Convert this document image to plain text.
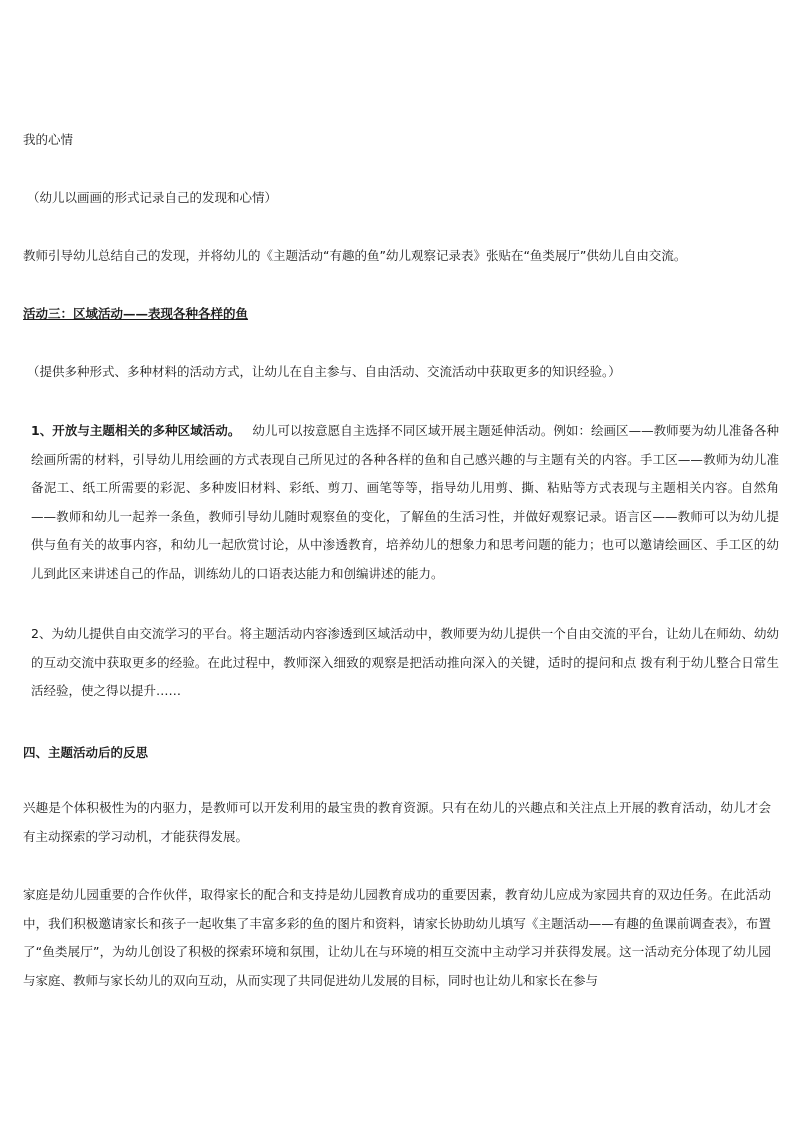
我的心情
（幼儿以画画的形式记录自己的发现和心情）
教师引导幼儿总结自己的发现，并将幼儿的《主题活动“有趣的鱼”幼儿观察记录表》张贴在“鱼类展厅”供幼儿自由交流。
活动三：区域活动——表现各种各样的鱼
（提供多种形式、多种材料的活动方式，让幼儿在自主参与、自由活动、交流活动中获取更多的知识经验。）
1、开放与主题相关的多种区域活动。 幼儿可以按意愿自主选择不同区域开展主题延伸活动。例如：绘画区——教师要为幼儿准备各种绘画所需的材料，引导幼儿用绘画的方式表现自己所见过的各种各样的鱼和自己感兴趣的与主题有关的内容。手工区——教师为幼儿准备泥工、纸工所需要的彩泥、多种废旧材料、彩纸、剪刀、画笔等等，指导幼儿用剪、撕、粘贴等方式表现与主题相关内容。自然角——教师和幼儿一起养一条鱼，教师引导幼儿随时观察鱼的变化，了解鱼的生活习性，并做好观察记录。语言区——教师可以为幼儿提供与鱼有关的故事内容，和幼儿一起欣赏讨论，从中渗透教育，培养幼儿的想象力和思考问题的能力；也可以邀请绘画区、手工区的幼儿到此区来讲述自己的作品，训练幼儿的口语表达能力和创编讲述的能力。
2、为幼儿提供自由交流学习的平台。将主题活动内容渗透到区域活动中，教师要为幼儿提供一个自由交流的平台，让幼儿在师幼、幼幼的互动交流中获取更多的经验。在此过程中，教师深入细致的观察是把活动推向深入的关键，适时的提问和点 拨有利于幼儿整合日常生活经验，使之得以提升……
四、主题活动后的反思
兴趣是个体积极性为的内驱力，是教师可以开发利用的最宝贵的教育资源。只有在幼儿的兴趣点和关注点上开展的教育活动，幼儿才会有主动探索的学习动机，才能获得发展。
家庭是幼儿园重要的合作伙伴，取得家长的配合和支持是幼儿园教育成功的重要因素，教育幼儿应成为家园共育的双边任务。在此活动中，我们积极邀请家长和孩子一起收集了丰富多彩的鱼的图片和资料，请家长协助幼儿填写《主题活动——有趣的鱼课前调查表》，布置了“鱼类展厅”，为幼儿创设了积极的探索环境和氛围，让幼儿在与环境的相互交流中主动学习并获得发展。这一活动充分体现了幼儿园与家庭、教师与家长幼儿的双向互动，从而实现了共同促进幼儿发展的目标，同时也让幼儿和家长在参与
